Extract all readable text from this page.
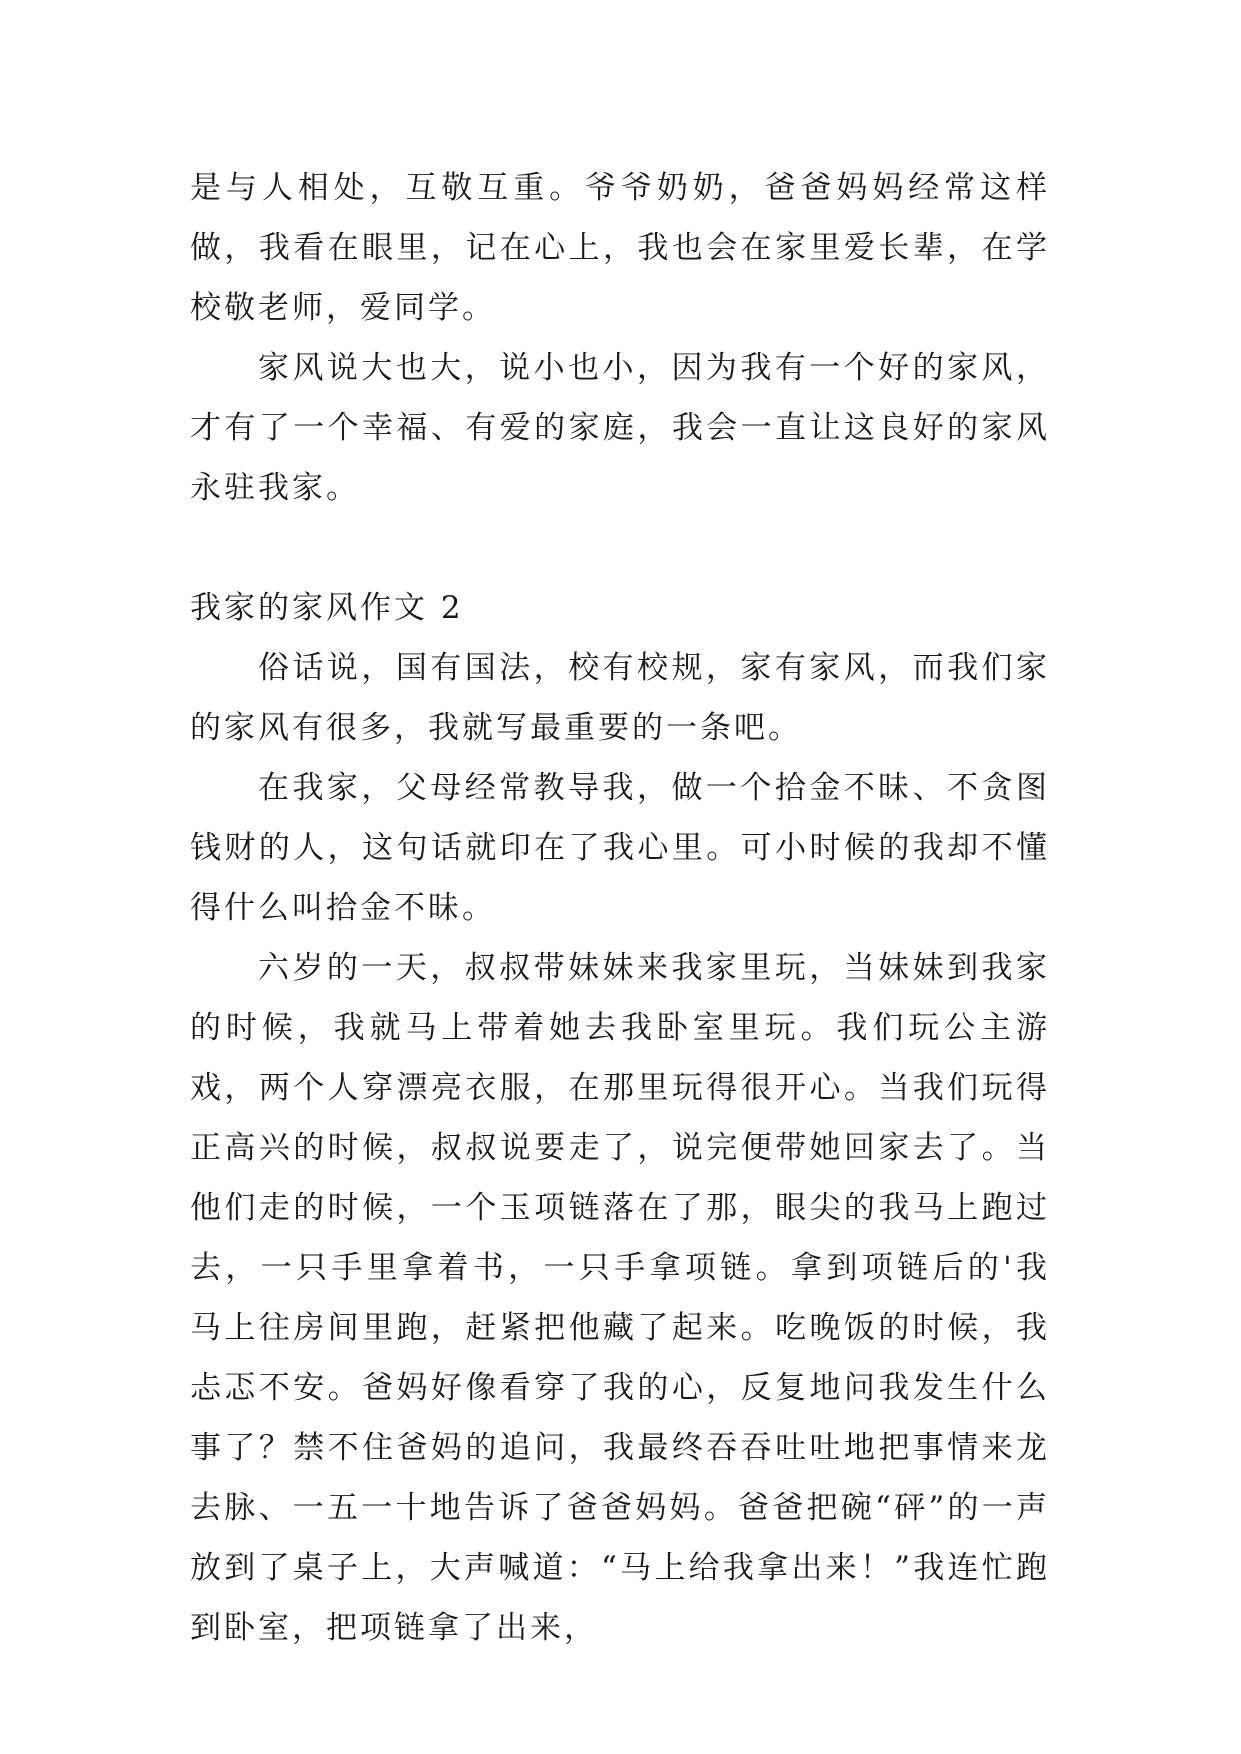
是与人相处，互敬互重。爷爷奶奶，爸爸妈妈经常这样做，我看在眼里，记在心上，我也会在家里爱长辈，在学校敬老师，爱同学。

家风说大也大，说小也小，因为我有一个好的家风，才有了一个幸福、有爱的家庭，我会一直让这良好的家风永驻我家。

我家的家风作文 2

俗话说，国有国法，校有校规，家有家风，而我们家的家风有很多，我就写最重要的一条吧。

在我家，父母经常教导我，做一个拾金不昧、不贪图钱财的人，这句话就印在了我心里。可小时候的我却不懂得什么叫拾金不昧。

六岁的一天，叔叔带妹妹来我家里玩，当妹妹到我家的时候，我就马上带着她去我卧室里玩。我们玩公主游戏，两个人穿漂亮衣服，在那里玩得很开心。当我们玩得正高兴的时候，叔叔说要走了，说完便带她回家去了。当他们走的时候，一个玉项链落在了那，眼尖的我马上跑过去，一只手里拿着书，一只手拿项链。拿到项链后的'我马上往房间里跑，赶紧把他藏了起来。吃晚饭的时候，我忐忑不安。爸妈好像看穿了我的心，反复地问我发生什么事了？禁不住爸妈的追问，我最终吞吞吐吐地把事情来龙去脉、一五一十地告诉了爸爸妈妈。爸爸把碗“砰”的一声放到了桌子上，大声喊道：“马上给我拿出来！”我连忙跑到卧室，把项链拿了出来，
